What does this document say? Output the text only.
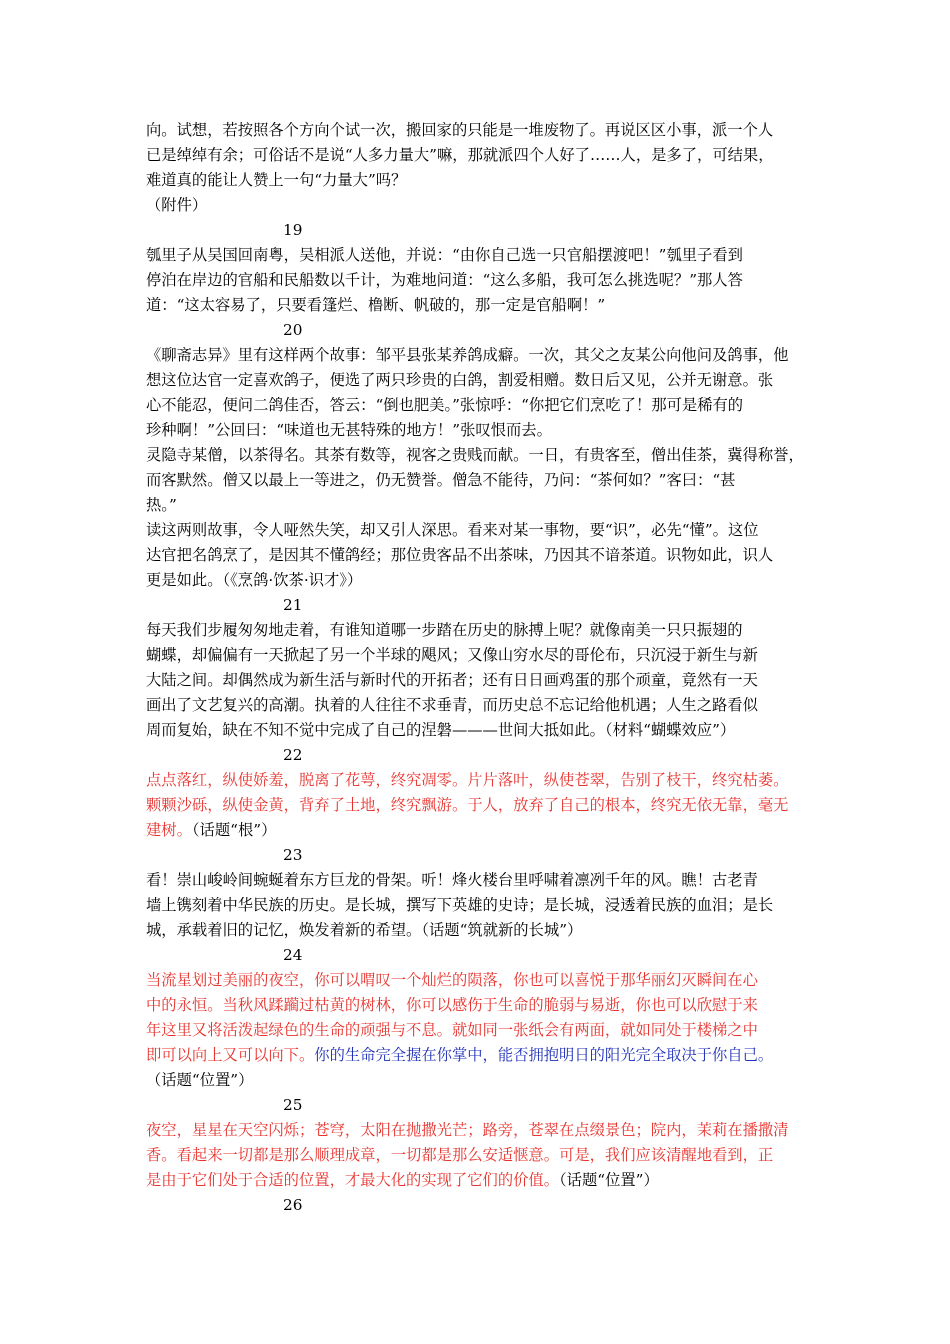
向。试想，若按照各个方向个试一次，搬回家的只能是一堆废物了。再说区区小事，派一个人
已是绰绰有余；可俗话不是说“人多力量大”嘛，那就派四个人好了……人，是多了，可结果，
难道真的能让人赞上一句“力量大”吗？
（附件）
19
瓠里子从吴国回南粤，吴相派人送他，并说：“由你自己选一只官船摆渡吧！”瓠里子看到
停泊在岸边的官船和民船数以千计，为难地问道：“这么多船，我可怎么挑选呢？”那人答
道：“这太容易了，只要看篷烂、橹断、帆破的，那一定是官船啊！”
20
《聊斋志异》里有这样两个故事：邹平县张某养鸽成癖。一次，其父之友某公向他问及鸽事，他
想这位达官一定喜欢鸽子，便选了两只珍贵的白鸽，割爱相赠。数日后又见，公并无谢意。张
心不能忍，便问二鸽佳否，答云：“倒也肥美。”张惊呼：“你把它们烹吃了！那可是稀有的
珍种啊！”公回曰：“味道也无甚特殊的地方！”张叹恨而去。
灵隐寺某僧，以茶得名。其茶有数等，视客之贵贱而献。一日，有贵客至，僧出佳茶，冀得称誉，
而客默然。僧又以最上一等进之，仍无赞誉。僧急不能待，乃问：“茶何如？”客曰：“甚
热。”
读这两则故事，令人哑然失笑，却又引人深思。看来对某一事物，要“识”，必先“懂”。这位
达官把名鸽烹了，是因其不懂鸽经；那位贵客品不出茶味，乃因其不谙茶道。识物如此，识人
更是如此。（《烹鸽·饮茶·识才》）
21
每天我们步履匆匆地走着，有谁知道哪一步踏在历史的脉搏上呢？就像南美一只只振翅的
蝴蝶，却偏偏有一天掀起了另一个半球的飓风；又像山穷水尽的哥伦布，只沉浸于新生与新
大陆之间。却偶然成为新生活与新时代的开拓者；还有日日画鸡蛋的那个顽童，竟然有一天
画出了文艺复兴的高潮。执着的人往往不求垂青，而历史总不忘记给他机遇；人生之路看似
周而复始，缺在不知不觉中完成了自己的涅磐———世间大抵如此。（材料“蝴蝶效应”）
22
点点落红，纵使娇羞，脱离了花萼，终究凋零。片片落叶，纵使苍翠，告别了枝干，终究枯萎。
颗颗沙砾，纵使金黄，背弃了土地，终究飘游。于人，放弃了自己的根本，终究无依无靠，毫无
建树。（话题“根”）
23
看！崇山峻岭间蜿蜒着东方巨龙的骨架。听！烽火楼台里呼啸着凛冽千年的风。瞧！古老青
墙上镌刻着中华民族的历史。是长城，撰写下英雄的史诗；是长城，浸透着民族的血泪；是长
城，承载着旧的记忆，焕发着新的希望。（话题“筑就新的长城”）
24
当流星划过美丽的夜空，你可以喟叹一个灿烂的陨落，你也可以喜悦于那华丽幻灭瞬间在心
中的永恒。当秋风蹂躏过枯黄的树林，你可以感伤于生命的脆弱与易逝，你也可以欣慰于来
年这里又将活泼起绿色的生命的顽强与不息。就如同一张纸会有两面，就如同处于楼梯之中
即可以向上又可以向下。你的生命完全握在你掌中，能否拥抱明日的阳光完全取决于你自己。
（话题“位置”）
25
夜空，星星在天空闪烁；苍穹，太阳在抛撒光芒；路旁，苍翠在点缀景色；院内，茉莉在播撒清
香。看起来一切都是那么顺理成章，一切都是那么安适惬意。可是，我们应该清醒地看到，正
是由于它们处于合适的位置，才最大化的实现了它们的价值。（话题“位置”）
26
